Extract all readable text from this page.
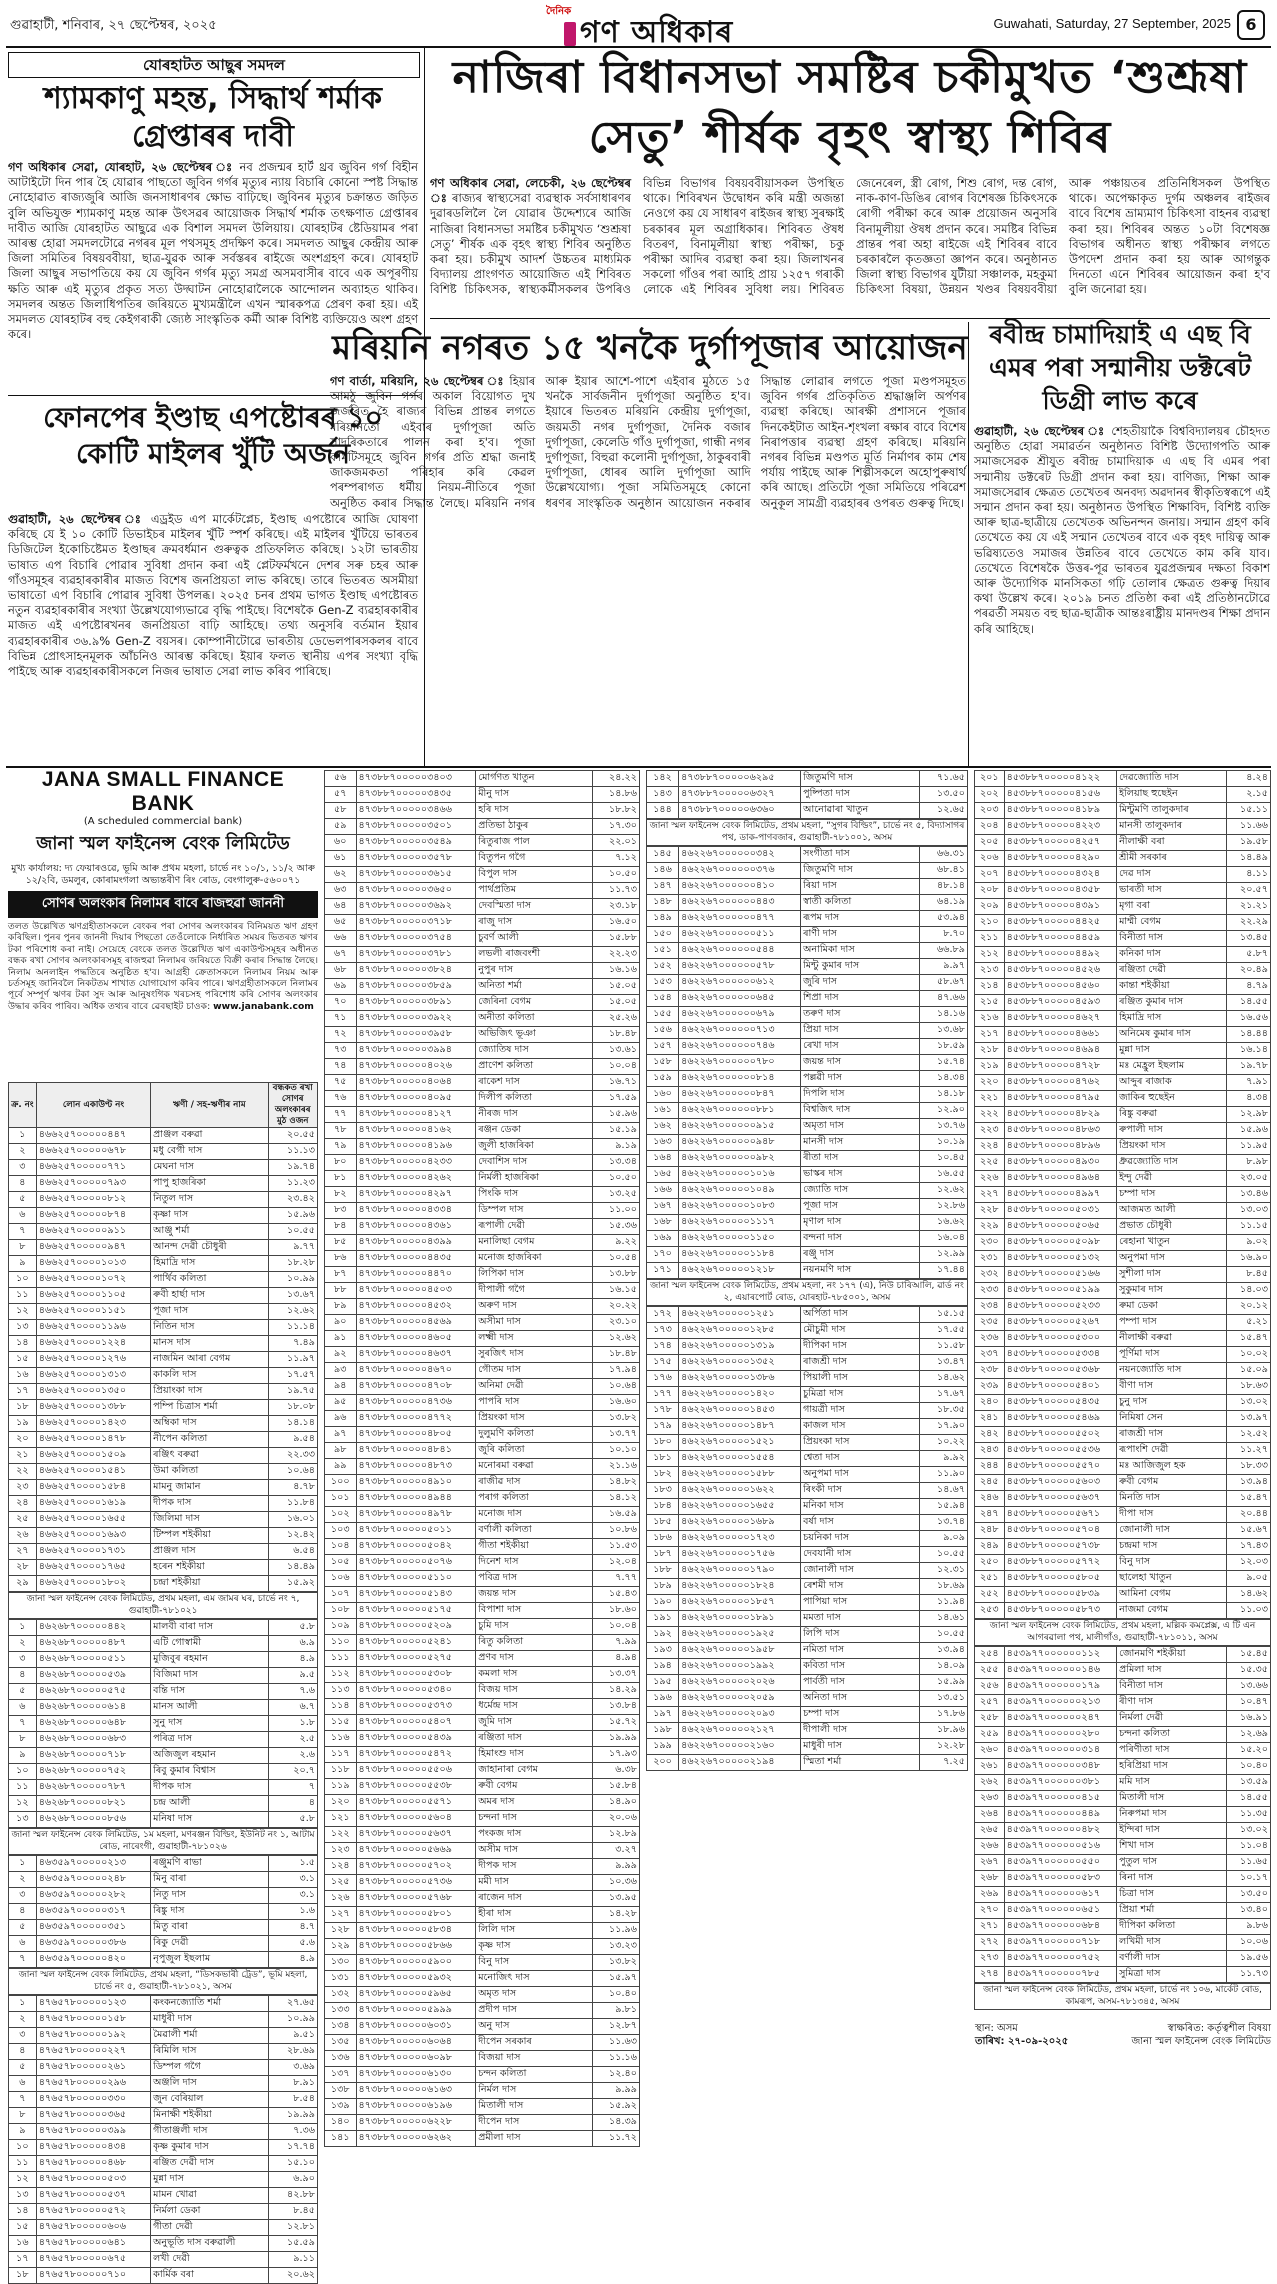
গুৱাহাটী, শনিবাৰ, ২৭ ছেপ্টেম্বৰ, ২০২৫
দৈনিক
গণ অধিকাৰ	Guwahati, Saturday, 27 September, 2025 6
যোৰহাটত আছুৰ সমদল
শ্যামকাণু মহন্ত, সিদ্ধাৰ্থ শৰ্মাক গ্ৰেপ্তাৰৰ দাবী
গণ অধিকাৰ সেৱা, যোৰহাট, ২৬ ছেপ্টেম্বৰ ঃ নব প্ৰজন্মৰ হাৰ্ট থ্ৰব জুবিন গৰ্গ বিহীন আটাইটো দিন পাৰ হৈ যোৱাৰ পাছতো জুবিন গৰ্গৰ মৃত্যুৰ ন্যায় বিচাৰি কোনো স্পষ্ট সিদ্ধান্ত নোহোৱাত ৰাজ্যজুৰি আজি জনসাধাৰণৰ ক্ষোভ বাঢ়িছে। জুবিনৰ মৃত্যুৰ চক্ৰান্তত জড়িত বুলি অভিযুক্ত শ্যামকাণু মহন্ত আৰু উৎসৱৰ আয়োজক সিদ্ধাৰ্থ শৰ্মাক তৎক্ষণাত গ্ৰেপ্তাৰৰ দাবীত আজি যোৰহাটত আছুৱে এক বিশাল সমদল উলিয়ায়। যোৰহাটৰ ষ্টেডিয়ামৰ পৰা আৰম্ভ হোৱা সমদলটোৱে নগৰৰ মূল পথসমূহ প্ৰদক্ষিণ কৰে। সমদলত আছুৰ কেন্দ্ৰীয় আৰু জিলা সমিতিৰ বিষয়ববীয়া, ছাত্ৰ-যুৱক আৰু সৰ্বস্তৰৰ ৰাইজে অংশগ্ৰহণ কৰে। যোৰহাট জিলা আছুৰ সভাপতিয়ে কয় যে জুবিন গৰ্গৰ মৃত্যু সমগ্ৰ অসমবাসীৰ বাবে এক অপূৰণীয় ক্ষতি আৰু এই মৃত্যুৰ প্ৰকৃত সত্য উদ্ঘাটন নোহোৱালৈকে আন্দোলন অব্যাহত থাকিব। সমদলৰ অন্তত জিলাধিপতিৰ জৰিয়তে মুখ্যমন্ত্ৰীলৈ এখন স্মাৰকপত্ৰ প্ৰেৰণ কৰা হয়। এই সমদলত যোৰহাটৰ বহু কেইগৰাকী জ্যেষ্ঠ সাংস্কৃতিক কৰ্মী আৰু বিশিষ্ট ব্যক্তিয়েও অংশ গ্ৰহণ কৰে।
ফোনপেৰ ইণ্ডাছ এপষ্টোৰৰ ১০ কোটি মাইলৰ খুঁটি অৰ্জন
গুৱাহাটী, ২৬ ছেপ্টেম্বৰ ঃ এড্ৰইড এপ মাৰ্কেটপ্লেচ, ইণ্ডাছ এপষ্টোৰে আজি ঘোষণা কৰিছে যে ই ১০ কোটি ডিভাইচৰ মাইলৰ খুঁটি স্পৰ্শ কৰিছে। এই মাইলৰ খুঁটিয়ে ভাৰতৰ ডিজিটেল ইকোচিষ্টেমত ইণ্ডাছৰ ক্ৰমবৰ্ধমান গুৰুত্বক প্ৰতিফলিত কৰিছে। ১২টা ভাৰতীয় ভাষাত এপ বিচাৰি পোৱাৰ সুবিধা প্ৰদান কৰা এই প্লেটফৰ্মখনে দেশৰ সৰু চহৰ আৰু গাঁওসমূহৰ ব্যৱহাৰকাৰীৰ মাজত বিশেষ জনপ্ৰিয়তা লাভ কৰিছে। তাৰে ভিতৰত অসমীয়া ভাষাতো এপ বিচাৰি পোৱাৰ সুবিধা উপলব্ধ। ২০২৫ চনৰ প্ৰথম ভাগত ইণ্ডাছ এপষ্টোৰত নতুন ব্যৱহাৰকাৰীৰ সংখ্যা উল্লেখযোগ্যভাৱে বৃদ্ধি পাইছে। বিশেষকৈ Gen-Z ব্যৱহাৰকাৰীৰ মাজত এই এপষ্টোৰখনৰ জনপ্ৰিয়তা বাঢ়ি আহিছে। তথ্য অনুসৰি বৰ্তমান ইয়াৰ ব্যৱহাৰকাৰীৰ ৩৬.৯% Gen-Z বয়সৰ। কোম্পানীটোৱে ভাৰতীয় ডেভেলপাৰসকলৰ বাবে বিভিন্ন প্ৰোৎসাহনমূলক আঁচনিও আৰম্ভ কৰিছে। ইয়াৰ ফলত স্থানীয় এপৰ সংখ্যা বৃদ্ধি পাইছে আৰু ব্যৱহাৰকাৰীসকলে নিজৰ ভাষাত সেৱা লাভ কৰিব পাৰিছে।
নাজিৰা বিধানসভা সমষ্টিৰ চকীমুখত ‘শুশ্ৰূষা সেতু’ শীৰ্ষক বৃহৎ স্বাস্থ্য শিবিৰ
গণ অধিকাৰ সেৱা, লেচেকী, ২৬ ছেপ্টেম্বৰ ঃ ৰাজ্যৰ স্বাস্থ্যসেৱা ব্যৱস্থাক সৰ্বসাধাৰণৰ দুৱাৰডলিলৈ লৈ যোৱাৰ উদ্দেশ্যৰে আজি নাজিৰা বিধানসভা সমষ্টিৰ চকীমুখত ‘শুশ্ৰূষা সেতু’ শীৰ্ষক এক বৃহৎ স্বাস্থ্য শিবিৰ অনুষ্ঠিত কৰা হয়। চকীমুখ আদৰ্শ উচ্চতৰ মাধ্যমিক বিদ্যালয় প্ৰাংগণত আয়োজিত এই শিবিৰত বিশিষ্ট চিকিৎসক, স্বাস্থ্যকৰ্মীসকলৰ উপৰিও বিভিন্ন বিভাগৰ বিষয়ববীয়াসকল উপস্থিত থাকে। শিবিৰখন উদ্বোধন কৰি মন্ত্ৰী অজন্তা নেওগে কয় যে সাধাৰণ ৰাইজৰ স্বাস্থ্য সুৰক্ষাই চৰকাৰৰ মূল অগ্ৰাধিকাৰ। শিবিৰত ঔষধ বিতৰণ, বিনামূলীয়া স্বাস্থ্য পৰীক্ষা, চকু পৰীক্ষা আদিৰ ব্যৱস্থা কৰা হয়। জিলাখনৰ সকলো গাঁওৰ পৰা আহি প্ৰায় ১২৫৭ গৰাকী লোকে এই শিবিৰৰ সুবিধা লয়। শিবিৰত জেনেৰেল, স্ত্ৰী ৰোগ, শিশু ৰোগ, দন্ত ৰোগ, নাক-কাণ-ডিঙিৰ ৰোগৰ বিশেষজ্ঞ চিকিৎসকে ৰোগী পৰীক্ষা কৰে আৰু প্ৰয়োজন অনুসৰি বিনামূলীয়া ঔষধ প্ৰদান কৰে। সমষ্টিৰ বিভিন্ন প্ৰান্তৰ পৰা অহা ৰাইজে এই শিবিৰৰ বাবে চৰকাৰলৈ কৃতজ্ঞতা জ্ঞাপন কৰে। অনুষ্ঠানত জিলা স্বাস্থ্য বিভাগৰ যুটীয়া সঞ্চালক, মহকুমা চিকিৎসা বিষয়া, উন্নয়ন খণ্ডৰ বিষয়ববীয়া আৰু পঞ্চায়তৰ প্ৰতিনিধিসকল উপস্থিত থাকে। অপেক্ষাকৃত দুৰ্গম অঞ্চলৰ ৰাইজৰ বাবে বিশেষ ভ্ৰাম্যমাণ চিকিৎসা বাহনৰ ব্যৱস্থা কৰা হয়। শিবিৰৰ অন্তত ১০টা বিশেষজ্ঞ বিভাগৰ অধীনত স্বাস্থ্য পৰীক্ষাৰ লগতে উপদেশ প্ৰদান কৰা হয় আৰু আগন্তুক দিনতো এনে শিবিৰৰ আয়োজন কৰা হ'ব বুলি জনোৱা হয়।
মৰিয়নি নগৰত ১৫ খনকৈ দুৰ্গাপূজাৰ আয়োজন
গণ বাৰ্তা, মৰিয়নি, ২৬ ছেপ্টেম্বৰ ঃ হিয়াৰ আমঠু জুবিন গৰ্গৰ অকাল বিয়োগত দুখ জৰ্জৰিত হৈ ৰাজ্যৰ বিভিন্ন প্ৰান্তৰ লগতে মৰিয়নিতো এইবাৰ দুৰ্গাপূজা অতি সাদৰিকতাৰে পালন কৰা হ'ব। পূজা কমিটিসমূহে জুবিন গৰ্গৰ প্ৰতি শ্ৰদ্ধা জনাই জাকজমকতা পৰিহাৰ কৰি কেৱল পৰম্পৰাগত ধৰ্মীয় নিয়ম-নীতিৰে পূজা অনুষ্ঠিত কৰাৰ সিদ্ধান্ত লৈছে। মৰিয়নি নগৰ আৰু ইয়াৰ আশে-পাশে এইবাৰ মুঠতে ১৫ খনকৈ সাৰ্বজনীন দুৰ্গাপূজা অনুষ্ঠিত হ'ব। ইয়াৰে ভিতৰত মৰিয়নি কেন্দ্ৰীয় দুৰ্গাপূজা, জয়মতী নগৰ দুৰ্গাপূজা, দৈনিক বজাৰ দুৰ্গাপূজা, কেলেডি গাঁও দুৰ্গাপূজা, গান্ধী নগৰ দুৰ্গাপূজা, বিহুৱা কলোনী দুৰ্গাপূজা, ঠাকুৰবাৰী দুৰ্গাপূজা, ধোৰৰ আলি দুৰ্গাপূজা আদি উল্লেখযোগ্য। পূজা সমিতিসমূহে কোনো ধৰণৰ সাংস্কৃতিক অনুষ্ঠান আয়োজন নকৰাৰ সিদ্ধান্ত লোৱাৰ লগতে পূজা মণ্ডপসমূহত জুবিন গৰ্গৰ প্ৰতিকৃতিত শ্ৰদ্ধাঞ্জলি অৰ্পণৰ ব্যৱস্থা কৰিছে। আৰক্ষী প্ৰশাসনে পূজাৰ দিনকেইটাত আইন-শৃংখলা ৰক্ষাৰ বাবে বিশেষ নিৰাপত্তাৰ ব্যৱস্থা গ্ৰহণ কৰিছে। মৰিয়নি নগৰৰ বিভিন্ন মণ্ডপত মূৰ্তি নিৰ্মাণৰ কাম শেষ পৰ্যায় পাইছে আৰু শিল্পীসকলে অহোপুৰুষাৰ্থ কৰি আছে। প্ৰতিটো পূজা সমিতিয়ে পৰিৱেশ অনুকূল সামগ্ৰী ব্যৱহাৰৰ ওপৰত গুৰুত্ব দিছে।
ৰবীন্দ্ৰ চামাদিয়াই এ এছ বি এমৰ পৰা সন্মানীয় ডক্টৰেট ডিগ্ৰী লাভ কৰে
গুৱাহাটী, ২৬ ছেপ্টেম্বৰ ঃ শেহতীয়াকৈ বিশ্ববিদ্যালয়ৰ চৌহদত অনুষ্ঠিত হোৱা সমাৱৰ্তন অনুষ্ঠানত বিশিষ্ট উদ্যোগপতি আৰু সমাজসেৱক শ্ৰীযুত ৰবীন্দ্ৰ চামাদিয়াক এ এছ বি এমৰ পৰা সন্মানীয় ডক্টৰেট ডিগ্ৰী প্ৰদান কৰা হয়। বাণিজ্য, শিক্ষা আৰু সমাজসেৱাৰ ক্ষেত্ৰত তেখেতৰ অনবদ্য অৱদানৰ স্বীকৃতিস্বৰূপে এই সন্মান প্ৰদান কৰা হয়। অনুষ্ঠানত উপস্থিত শিক্ষাবিদ, বিশিষ্ট ব্যক্তি আৰু ছাত্ৰ-ছাত্ৰীয়ে তেখেতক অভিনন্দন জনায়। সন্মান গ্ৰহণ কৰি তেখেতে কয় যে এই সন্মান তেখেতৰ বাবে এক বৃহৎ দায়িত্ব আৰু ভৱিষ্যতেও সমাজৰ উন্নতিৰ বাবে তেখেতে কাম কৰি যাব। তেখেতে বিশেষকৈ উত্তৰ-পূৱ ভাৰতৰ যুৱপ্ৰজন্মৰ দক্ষতা বিকাশ আৰু উদ্যোগিক মানসিকতা গঢ়ি তোলাৰ ক্ষেত্ৰত গুৰুত্ব দিয়াৰ কথা উল্লেখ কৰে। ২০১৯ চনত প্ৰতিষ্ঠা কৰা এই প্ৰতিষ্ঠানটোৱে পৰৱৰ্তী সময়ত বহু ছাত্ৰ-ছাত্ৰীক আন্তঃৰাষ্ট্ৰীয় মানদণ্ডৰ শিক্ষা প্ৰদান কৰি আহিছে।
JANA SMALL FINANCE BANK
(A scheduled commercial bank)
জানা স্মল ফাইনেন্স বেংক লিমিটেড
মুখ্য কাৰ্যালয়: দ্য ফেয়াৰওৱে, ভূমি আৰু প্ৰথম মহলা, চাৰ্ভে নং ১০/১, ১১/২ আৰু ১২/২বি, ডমলুৰ, কোৰামংগলা অভ্যন্তৰীণ ৰিং ৰোড, বেংগালুৰু-৫৬০০৭১
সোণৰ অলংকাৰ নিলামৰ বাবে ৰাজহুৱা জাননী
তলত উল্লেখিত ঋণগ্ৰহীতাসকলে বেংকৰ পৰা সোণৰ অলংকাৰৰ বিনিময়ত ঋণ গ্ৰহণ কৰিছিল। পুনৰ পুনৰ জাননী দিয়াৰ পিছতো তেওঁলোকে নিৰ্ধাৰিত সময়ৰ ভিতৰত ঋণৰ টকা পৰিশোধ কৰা নাই। সেয়েহে বেংকে তলত উল্লেখিত ঋণ একাউণ্টসমূহৰ অধীনত বন্ধক ৰখা সোণৰ অলংকাৰসমূহ ৰাজহুৱা নিলামৰ জৰিয়তে বিক্ৰী কৰাৰ সিদ্ধান্ত লৈছে। নিলাম অনলাইন পদ্ধতিৰে অনুষ্ঠিত হ'ব। আগ্ৰহী ক্ৰেতাসকলে নিলামৰ নিয়ম আৰু চৰ্তসমূহ জানিবলৈ নিকটতম শাখাত যোগাযোগ কৰিব পাৰে। ঋণগ্ৰহীতাসকলে নিলামৰ পূৰ্বে সম্পূৰ্ণ ঋণৰ টকা সুদ আৰু আনুষংগিক খৰচসহ পৰিশোধ কৰি সোণৰ অলংকাৰ উদ্ধাৰ কৰিব পাৰিব। অধিক তথ্যৰ বাবে ৱেবছাইট চাওক: www.janabank.com
ক্ৰ. নং	লোন একাউণ্ট নং	ঋণী / সহ-ঋণীৰ নাম	বন্ধকত ৰখা সোণৰ অলংকাৰৰ মুঠ ওজন
১	৪৬৬২৫৭০০০০০৪৪৭	প্ৰাঞ্জল বৰুৱা	২০.৫৫
২	৪৬৬২৫৭০০০০০৬৭৮	মধু বেগী দাস	১১.১৩
৩	৪৬৬২৫৭০০০০০৭৭১	মেঘনা দাস	১৯.৭৪
৪	৪৬৬২৫৭০০০০০৭৯৩	পাপু হাজৰিকা	১১.২৩
৫	৪৬৬২৫৭০০০০০৮১২	নিতুল দাস	২৩.৪২
৬	৪৬৬২৫৭০০০০০৮৭৪	কৃষ্ণা দাস	১৫.৯৬
৭	৪৬৬২৫৭০০০০০৯১১	আঞ্জু শৰ্মা	১০.৫৫
৮	৪৬৬২৫৭০০০০০৯৪৭	আনন্দ দেৱী চৌধুৰী	৯.৭৭
৯	৪৬৬২৫৭০০০০১০১৩	হিমাদ্ৰি দাস	১৮.২৮
১০	৪৬৬২৫৭০০০০১০৭২	পাৰ্থিব কলিতা	১০.৯৯
১১	৪৬৬২৫৭০০০০১১০৫	ৰুবী হাৰ্ছা দাস	১৩.৬৭
১২	৪৬৬২৫৭০০০০১১৫১	পূজা দাস	১২.৬২
১৩	৪৬৬২৫৭০০০০১১৯৬	নিতিন দাস	১১.১৪
১৪	৪৬৬২৫৭০০০০১২২৪	মানস দাস	৭.৪৯
১৫	৪৬৬২৫৭০০০০১২৭৬	নাজমিন আৰা বেগম	১১.৯৭
১৬	৪৬৬২৫৭০০০০১৩১৩	কাকলি দাস	১৭.৫৭
১৭	৪৬৬২৫৭০০০০১৩৫০	প্ৰিয়াংকা দাস	১৯.৭৫
১৮	৪৬৬২৫৭০০০০১৩৮৮	পম্পি চিত্ৰাস শৰ্মা	১৮.০৮
১৯	৪৬৬২৫৭০০০০১৪২৩	অম্বিকা দাস	১৪.১৪
২০	৪৬৬২৫৭০০০০১৪৭৮	নীপেন কলিতা	৯.৫৪
২১	৪৬৬২৫৭০০০০১৫০৯	ৰঞ্জিৎ বৰুৱা	২২.৩৩
২২	৪৬৬২৫৭০০০০১৫৪১	উমা কলিতা	১০.৬৪
২৩	৪৬৬২৫৭০০০০১৫৮৪	মামনু জামান	৪.৭৮
২৪	৪৬৬২৫৭০০০০১৬১৯	দীপক দাস	১১.৮৪
২৫	৪৬৬২৫৭০০০০১৬৫৫	জিলিমা দাস	১৬.০১
২৬	৪৬৬২৫৭০০০০১৬৯৩	টিম্পল শইকীয়া	১২.৪২
২৭	৪৬৬২৫৭০০০০১৭৩১	প্ৰাঞ্জল দাস	৬.৫৪
২৮	৪৬৬২৫৭০০০০১৭৬৫	হৰেন শইকীয়া	১৪.৪৯
২৯	৪৬৬২৫৭০০০০১৮০২	চন্দ্ৰা শইকীয়া	১৫.৯২
জানা স্মল ফাইনেন্স বেংক লিমিটেড, প্ৰথম মহলা, এম জামৰ ঘৰ, চাৰ্ভে নং ৭, গুৱাহাটী-৭৮১০২১
১	৪৬২৬৮৭০০০০০৪৪২	মালবী বাৰা দাস	৫.৮
২	৪৬২৬৮৭০০০০০৪৮৭	এটি গোস্বামী	৬.৯
৩	৪৬২৬৮৭০০০০০৫১১	মুজিবুৰ ৰহমান	৪.৯
৪	৪৬২৬৮৭০০০০০৫৩৯	বিজিমা দাস	৯.৫
৫	৪৬২৬৮৭০০০০০৫৭৫	বন্তি দাস	৭.৬
৬	৪৬২৬৮৭০০০০০৬১৪	মানস আলী	৬.৭
৭	৪৬২৬৮৭০০০০০৬৪৮	সুনু দাস	১.৮
৮	৪৬২৬৮৭০০০০০৬৮৩	পৰিত্ৰ দাস	২.৫
৯	৪৬২৬৮৭০০০০০৭১৮	অজিজুল ৰহমান	২.৬
১০	৪৬২৬৮৭০০০০০৭৫২	ৰিবু কুমাৰ বিশ্বাস	২০.৭
১১	৪৬২৬৮৭০০০০০৭৮৭	দীপক দাস	৭
১২	৪৬২৬৮৭০০০০০৮২১	চন্দ্ৰ আলী	৪
১৩	৪৬২৬৮৭০০০০০৮৫৬	মনিষা দাস	৫.৮
জানা স্মল ফাইনেন্স বেংক লিমিটেড, ১ম মহলা, মণৰঞ্জন বিল্ডিং, ইউনিট নং ১, আটাম ৰোড, নাৰেংগী, গুৱাহাটী-৭৮১০২৬
১	৪৬৩৫৯৭০০০০০২১৩	ৰঞ্জুমণি ৰাভা	১.৫
২	৪৬৩৫৯৭০০০০০২৪৮	মিনু বাৰা	৩.১
৩	৪৬৩৫৯৭০০০০০২৮২	নিতু দাস	৩.১
৪	৪৬৩৫৯৭০০০০০৩১৭	ৰিঙ্কু দাস	১.৬
৫	৪৬৩৫৯৭০০০০০৩৫১	মিতু বাৰা	৪.৭
৬	৪৬৩৫৯৭০০০০০৩৮৬	ৰিকু দেৱী	৫.৬
৭	৪৬৩৫৯৭০০০০০৪২০	নৃপুজুল ইছলাম	৪.৯
জানা স্মল ফাইনেন্স বেংক লিমিটেড, প্ৰথম মহলা, “ডিসকভাৰী ট্ৰেড”, ভূমি মহলা, চাৰ্ভে নং ৫, গুৱাহাটী-৭৮১০২১, অসম
১	৪৭৬৫৭৮০০০০০১২৩	কংকনজ্যোতি শৰ্মা	২৭.৬৫
২	৪৭৬৫৭৮০০০০০১৫৮	মাধুৰী দাস	১০.৯৯
৩	৪৭৬৫৭৮০০০০০১৯২	মৈৱালী শৰ্মা	৯.৫১
৪	৪৭৬৫৭৮০০০০০২২৭	ৰিমিলি দাস	২৮.৬৯
৫	৪৭৬৫৭৮০০০০০২৬১	ডিম্পল গগৈ	৩.৬৯
৬	৪৭৬৫৭৮০০০০০২৯৬	অঞ্জলি দাস	৮.৯১
৭	৪৭৬৫৭৮০০০০০৩৩০	জুন বেৰিয়াল	৮.৫৪
৮	৪৭৬৫৭৮০০০০০৩৬৫	মিনাক্ষী শইকীয়া	১৯.৯৯
৯	৪৭৬৫৭৮০০০০০৩৯৯	গীতাঞ্জলী দাস	৭.৩৬
১০	৪৭৬৫৭৮০০০০০৪৩৪	কৃষ্ণ কুমাৰ দাস	১৭.৭৪
১১	৪৭৬৫৭৮০০০০০৪৬৮	ৰঞ্জিত দেৱী দাস	১৫.১০
১২	৪৭৬৫৭৮০০০০০৫০৩	মুন্না দাস	৬.৯০
১৩	৪৭৬৫৭৮০০০০০৫৩৭	মামন খোৱা	৪২.৮৮
১৪	৪৭৬৫৭৮০০০০০৫৭২	নিৰ্মলা ডেকা	৮.৪৫
১৫	৪৭৬৫৭৮০০০০০৬০৬	গীতা দেৱী	১২.৮১
১৬	৪৭৬৫৭৮০০০০০৬৪১	অনুভূতি দাস বৰুৱালী	১৫.৫৯
১৭	৪৭৬৫৭৮০০০০০৬৭৫	লখী দেৱী	৯.১১
১৮	৪৭৬৫৭৮০০০০০৭১০	কাৰ্মিক বৰা	২০.৬২
৫৬	৪৭৩৮৮৭০০০০০৩৪০৩	মোৰ্গণত খাতুন	২৪.২২
৫৭	৪৭৩৮৮৭০০০০০৩৪৩৫	মীনু দাস	১৪.৮৬
৫৮	৪৭৩৮৮৭০০০০০৩৪৬৬	হৰি দাস	১৮.৮২
৫৯	৪৭৩৮৮৭০০০০০৩৫০১	প্ৰতিভা ঠাকুৰ	১৭.৩০
৬০	৪৭৩৮৮৭০০০০০৩৫৪৯	ৰিতুৰাজ পাল	২২.০১
৬১	৪৭৩৮৮৭০০০০০৩৫৭৮	বিতুপন গগৈ	৭.১২
৬২	৪৭৩৮৮৭০০০০০৩৬১৫	বিপুল দাস	১০.৫০
৬৩	৪৭৩৮৮৭০০০০০৩৬৫০	পাৰ্থপ্ৰতিম	১১.৭৩
৬৪	৪৭৩৮৮৭০০০০০৩৬৯২	দেবস্মিতা দাস	২৩.১৮
৬৫	৪৭৩৮৮৭০০০০০৩৭১৮	ৰাজু দাস	১৬.৫০
৬৬	৪৭৩৮৮৭০০০০০৩৭৫৪	চুবৰ্ণ আলী	১৫.৮৮
৬৭	৪৭৩৮৮৭০০০০০৩৭৮১	লভলী ৰাজবংশী	২২.২৩
৬৮	৪৭৩৮৮৭০০০০০৩৮২৪	নুপুৰ দাস	১৬.১৬
৬৯	৪৭৩৮৮৭০০০০০৩৮৫৯	অনিতা শৰ্মা	১৫.০৫
৭০	৪৭৩৮৮৭০০০০০৩৮৯১	জেৰিনা বেগম	১৫.০৫
৭১	৪৭৩৮৮৭০০০০০৩৯২২	অনীতা কলিতা	২৫.২৬
৭২	৪৭৩৮৮৭০০০০০৩৯৫৮	অভিজিৎ ভূঞা	১৮.৪৮
৭৩	৪৭৩৮৮৭০০০০০৩৯৯৪	জ্যোতিষ দাস	১৩.৬১
৭৪	৪৭৩৮৮৭০০০০০৪০২৬	প্ৰাণেশ কলিতা	১০.০৪
৭৫	৪৭৩৮৮৭০০০০০৪০৬৪	ৰাকেশ দাস	১৬.৭১
৭৬	৪৭৩৮৮৭০০০০০৪০৯৫	দিলীপ কলিতা	১৭.৫৯
৭৭	৪৭৩৮৮৭০০০০০৪১২৭	নীৰজ দাস	১৫.৯৬
৭৮	৪৭৩৮৮৭০০০০০৪১৬২	ৰঞ্জন ডেকা	১৫.১৯
৭৯	৪৭৩৮৮৭০০০০০৪১৯৬	জুলী হাজৰিকা	৯.১৯
৮০	৪৭৩৮৮৭০০০০০৪২৩৩	দেবাশিস দাস	১৩.৩৪
৮১	৪৭৩৮৮৭০০০০০৪২৬২	নিৰ্মলী হাজৰিকা	১০.৫০
৮২	৪৭৩৮৮৭০০০০০৪২৯৭	পিংকি দাস	১৩.২৫
৮৩	৪৭৩৮৮৭০০০০০৪৩৩৪	ডিম্পল দাস	১১.০০
৮৪	৪৭৩৮৮৭০০০০০৪৩৬১	ৰূপালী দেৱী	১৫.৩৬
৮৫	৪৭৩৮৮৭০০০০০৪৩৯৯	মনালিছা বেগম	৯.২২
৮৬	৪৭৩৮৮৭০০০০০৪৪৩৫	মনোজ হাজৰিকা	১০.৫৪
৮৭	৪৭৩৮৮৭০০০০০৪৪৭০	লিপিকা দাস	১৩.৮৮
৮৮	৪৭৩৮৮৭০০০০০৪৫০৩	দীপালী গগৈ	১৬.১৫
৮৯	৪৭৩৮৮৭০০০০০৪৫৩২	অৰুণ দাস	২০.২২
৯০	৪৭৩৮৮৭০০০০০৪৫৬৯	অসীমা দাস	২৩.১০
৯১	৪৭৩৮৮৭০০০০০৪৬০৫	লক্ষ্মী দাস	১২.৬২
৯২	৪৭৩৮৮৭০০০০০৪৬৩৭	সুৰজিৎ দাস	১৮.৪৮
৯৩	৪৭৩৮৮৭০০০০০৪৬৭০	গৌতম দাস	১৭.৯৪
৯৪	৪৭৩৮৮৭০০০০০৪৭০৮	অনিমা দেৱী	১০.৬৪
৯৫	৪৭৩৮৮৭০০০০০৪৭৩৬	পাপৰি দাস	১৬.৬০
৯৬	৪৭৩৮৮৭০০০০০৪৭৭২	প্ৰিয়ংকা দাস	১৩.৮২
৯৭	৪৭৩৮৮৭০০০০০৪৮০৫	দুলুমণি কলিতা	১৩.৭৭
৯৮	৪৭৩৮৮৭০০০০০৪৮৪১	জুৰি কলিতা	১০.১০
৯৯	৪৭৩৮৮৭০০০০০৪৮৭৩	মনোৰমা বৰুৱা	২১.১৬
১০০	৪৭৩৮৮৭০০০০০৪৯১০	ৰাজীৱ দাস	১৪.৮২
১০১	৪৭৩৮৮৭০০০০০৪৯৪৪	পৰাগ কলিতা	১৪.১২
১০২	৪৭৩৮৮৭০০০০০৪৯৭৮	মনোজ দাস	১৬.৫৯
১০৩	৪৭৩৮৮৭০০০০০৫০১১	বৰ্ণালী কলিতা	১০.৮৬
১০৪	৪৭৩৮৮৭০০০০০৫০৪২	গীতা শইকীয়া	১১.৫৩
১০৫	৪৭৩৮৮৭০০০০০৫০৭৬	দিনেশ দাস	১২.০৪
১০৬	৪৭৩৮৮৭০০০০০৫১১০	পবিত্ৰ দাস	৭.৭৭
১০৭	৪৭৩৮৮৭০০০০০৫১৪৩	জয়ন্ত দাস	১৫.৪৩
১০৮	৪৭৩৮৮৭০০০০০৫১৭৫	বিপাশা দাস	১৮.৬০
১০৯	৪৭৩৮৮৭০০০০০৫২০৯	চুমি দাস	১০.০৪
১১০	৪৭৩৮৮৭০০০০০৫২৪১	ৰিতু কলিতা	৭.৯৯
১১১	৪৭৩৮৮৭০০০০০৫২৭৫	প্ৰণব দাস	৪.৯৪
১১২	৪৭৩৮৮৭০০০০০৫৩০৮	কমলা দাস	১৩.৩৭
১১৩	৪৭৩৮৮৭০০০০০৫৩৪০	বিজয় দাস	১৪.২৯
১১৪	৪৭৩৮৮৭০০০০০৫৩৭৩	ধৰ্মেন্দ্ৰ দাস	১৩.৮৪
১১৫	৪৭৩৮৮৭০০০০০৫৪০৭	জুমি দাস	১৫.৭২
১১৬	৪৭৩৮৮৭০০০০০৫৪৩৯	ৰঞ্জিতা দাস	১৯.৯৯
১১৭	৪৭৩৮৮৭০০০০০৫৪৭২	হিমাংশু দাস	১৭.৯৩
১১৮	৪৭৩৮৮৭০০০০০৫৫০৬	জাহানাৰা বেগম	৬.৩৮
১১৯	৪৭৩৮৮৭০০০০০৫৫৩৮	ৰুবী বেগম	১৫.৮৪
১২০	৪৭৩৮৮৭০০০০০৫৫৭১	অমৰ দাস	১৪.৯০
১২১	৪৭৩৮৮৭০০০০০৫৬০৪	চন্দনা দাস	২০.০৬
১২২	৪৭৩৮৮৭০০০০০৫৬৩৭	পংকজ দাস	১২.৮৯
১২৩	৪৭৩৮৮৭০০০০০৫৬৬৯	অসীম দাস	৩.২৭
১২৪	৪৭৩৮৮৭০০০০০৫৭০২	দীপক দাস	৯.৯৯
১২৫	৪৭৩৮৮৭০০০০০৫৭৩৬	মমী দাস	১০.৩৬
১২৬	৪৭৩৮৮৭০০০০০৫৭৬৮	ৰাজেন দাস	১৩.৯৫
১২৭	৪৭৩৮৮৭০০০০০৫৮০১	হীৰা দাস	১৪.২৮
১২৮	৪৭৩৮৮৭০০০০০৫৮৩৪	লিলি দাস	১১.৯৬
১২৯	৪৭৩৮৮৭০০০০০৫৮৬৬	কৃষ্ণ দাস	১৩.২৩
১৩০	৪৭৩৮৮৭০০০০০৫৯০০	বিনু দাস	১৩.৮২
১৩১	৪৭৩৮৮৭০০০০০৫৯৩২	মনোজিৎ দাস	১৫.৯৭
১৩২	৪৭৩৮৮৭০০০০০৫৯৬৫	অমৃত দাস	১০.৪০
১৩৩	৪৭৩৮৮৭০০০০০৫৯৯৯	প্ৰদীপ দাস	৯.৮১
১৩৪	৪৭৩৮৮৭০০০০০৬০৩১	অনু দাস	১২.৮৭
১৩৫	৪৭৩৮৮৭০০০০০৬০৬৪	দীপেন সৰকাৰ	১১.৬৩
১৩৬	৪৭৩৮৮৭০০০০০৬০৯৮	বিজয়া দাস	১১.১৬
১৩৭	৪৭৩৮৮৭০০০০০৬১৩০	চন্দন কলিতা	১২.৪০
১৩৮	৪৭৩৮৮৭০০০০০৬১৬৩	নিৰ্মল দাস	৯.৯৯
১৩৯	৪৭৩৮৮৭০০০০০৬১৯৬	মিতালী দাস	১৫.৯২
১৪০	৪৭৩৮৮৭০০০০০৬২২৮	দীপেন দাস	১৪.৩৯
১৪১	৪৭৩৮৮৭০০০০০৬২৬২	প্ৰমীলা দাস	১১.৭২
১৪২	৪৭৩৮৮৭০০০০০৬২৯৫	জিতুমণি দাস	৭১.৬৫
১৪৩	৪৭৩৮৮৭০০০০০৬৩২৭	পুষ্পিতা দাস	১৩.৫০
১৪৪	৪৭৩৮৮৭০০০০০৬৩৬০	আনোৱাৰা খাতুন	১২.৬৫
জানা স্মল ফাইনেন্স বেংক লিমিটেড, প্ৰথম মহলা, “সুগৰ বিল্ডিং”, চাৰ্ভে নং ৫, বিদ্যাসাগৰ পথ, ডাক-পাণবজাৰ, গুৱাহাটী-৭৮১০০১, অসম
১৪৫	৪৬২২৬৭০০০০০০৩৪২	সংগীতা দাস	৬৬.৩১
১৪৬	৪৬২২৬৭০০০০০০৩৭৬	জিতুমণি দাস	৬৮.৪১
১৪৭	৪৬২২৬৭০০০০০০৪১০	ৰিয়া দাস	৪৮.১৪
১৪৮	৪৬২২৬৭০০০০০০৪৪৩	স্বাতী কলিতা	৬৪.১৯
১৪৯	৪৬২২৬৭০০০০০০৪৭৭	ৰূপম দাস	৫৩.৯৪
১৫০	৪৬২২৬৭০০০০০০৫১১	ৰাণী দাস	৮.৭০
১৫১	৪৬২২৬৭০০০০০০৫৪৪	অনামিকা দাস	৬৬.৮৯
১৫২	৪৬২২৬৭০০০০০০৫৭৮	মিন্টু কুমাৰ দাস	৯.৯৭
১৫৩	৪৬২২৬৭০০০০০০৬১২	জুৰি দাস	৫৮.৬৭
১৫৪	৪৬২২৬৭০০০০০০৬৪৫	শিপ্ৰা দাস	৪৭.৬৬
১৫৫	৪৬২২৬৭০০০০০০৬৭৯	তৰুণ দাস	১৪.১৬
১৫৬	৪৬২২৬৭০০০০০০৭১৩	প্ৰিয়া দাস	১৩.৬৮
১৫৭	৪৬২২৬৭০০০০০০৭৪৬	ৰেখা দাস	১৮.৫৯
১৫৮	৪৬২২৬৭০০০০০০৭৮০	জয়ন্ত দাস	১৫.৭৪
১৫৯	৪৬২২৬৭০০০০০০৮১৪	পল্লৱী দাস	১৪.৩৪
১৬০	৪৬২২৬৭০০০০০০৮৪৭	দিপলি দাস	১৪.১৮
১৬১	৪৬২২৬৭০০০০০০৮৮১	বিশ্বজিৎ দাস	১২.৯০
১৬২	৪৬২২৬৭০০০০০০৯১৫	অমৃতা দাস	১৩.৭৬
১৬৩	৪৬২২৬৭০০০০০০৯৪৮	মানসী দাস	১০.১৯
১৬৪	৪৬২২৬৭০০০০০০৯৮২	ৰীতা দাস	১০.৪৫
১৬৫	৪৬২২৬৭০০০০০১০১৬	ভাস্কৰ দাস	১৬.৫৫
১৬৬	৪৬২২৬৭০০০০০১০৪৯	জ্যোতি দাস	১২.৬২
১৬৭	৪৬২২৬৭০০০০০১০৮৩	পূজা দাস	১২.৮৬
১৬৮	৪৬২২৬৭০০০০০১১১৭	মৃণাল দাস	১৬.৬২
১৬৯	৪৬২২৬৭০০০০০১১৫০	বন্দনা দাস	১৬.০৪
১৭০	৪৬২২৬৭০০০০০১১৮৪	ৰঞ্জু দাস	১২.৯৯
১৭১	৪৬২২৬৭০০০০০১২১৮	নয়নমণি দাস	১৭.৪৪
জানা স্মল ফাইনেন্স বেংক লিমিটেড, প্ৰথম মহলা, নং ১৭৭ (এ), নিউ চাৰিআলি, ৱাৰ্ড নং ২, এয়াৰপোৰ্ট ৰোড, যোৰহাট-৭৮৫০০১, অসম
১৭২	৪৬২২৬৭০০০০০১২৫১	অৰ্পিতা দাস	১৫.১৫
১৭৩	৪৬২২৬৭০০০০০১২৮৫	মৌচুমী দাস	১৭.৫৫
১৭৪	৪৬২২৬৭০০০০০১৩১৯	দীপিকা দাস	১১.৫৮
১৭৫	৪৬২২৬৭০০০০০১৩৫২	ৰাজশ্ৰী দাস	১৩.৪৭
১৭৬	৪৬২২৬৭০০০০০১৩৮৬	পিয়ালী দাস	১৪.৬২
১৭৭	৪৬২২৬৭০০০০০১৪২০	চুমিত্ৰা দাস	১৭.৬৭
১৭৮	৪৬২২৬৭০০০০০১৪৫৩	গায়ত্ৰী দাস	১৮.৩৫
১৭৯	৪৬২২৬৭০০০০০১৪৮৭	কাজল দাস	১৭.৯০
১৮০	৪৬২২৬৭০০০০০১৫২১	প্ৰিয়ংকা দাস	১০.২২
১৮১	৪৬২২৬৭০০০০০১৫৫৪	শ্বেতা দাস	৯.৯২
১৮২	৪৬২২৬৭০০০০০১৫৮৮	অনুপমা দাস	১১.৯০
১৮৩	৪৬২২৬৭০০০০০১৬২২	ৰিংকী দাস	১৪.৬৭
১৮৪	৪৬২২৬৭০০০০০১৬৫৫	মনিকা দাস	১৫.৯৪
১৮৫	৪৬২২৬৭০০০০০১৬৮৯	বৰ্ষা দাস	১৩.৭৪
১৮৬	৪৬২২৬৭০০০০০১৭২৩	চয়নিকা দাস	৯.০৯
১৮৭	৪৬২২৬৭০০০০০১৭৫৬	দেবযানী দাস	১০.৫৫
১৮৮	৪৬২২৬৭০০০০০১৭৯০	জোনালী দাস	১২.৩১
১৮৯	৪৬২২৬৭০০০০০১৮২৪	ৰেশমী দাস	১৮.৬৯
১৯০	৪৬২২৬৭০০০০০১৮৫৭	পাপিয়া দাস	১১.৯৪
১৯১	৪৬২২৬৭০০০০০১৮৯১	মমতা দাস	১৪.৬১
১৯২	৪৬২২৬৭০০০০০১৯২৫	লিপি দাস	১০.৫৫
১৯৩	৪৬২২৬৭০০০০০১৯৫৮	নমিতা দাস	১৩.৯৪
১৯৪	৪৬২২৬৭০০০০০১৯৯২	কবিতা দাস	১৪.০৯
১৯৫	৪৬২২৬৭০০০০০২০২৬	পাৰ্বতী দাস	১৫.৯৯
১৯৬	৪৬২২৬৭০০০০০২০৫৯	অনিতা দাস	১৩.৫১
১৯৭	৪৬২২৬৭০০০০০২০৯৩	চম্পা দাস	১৭.৮৬
১৯৮	৪৬২২৬৭০০০০০২১২৭	দীপালী দাস	১৮.৯৬
১৯৯	৪৬২২৬৭০০০০০২১৬০	মাধুৰী দাস	১২.২৮
২০০	৪৬২২৬৭০০০০০২১৯৪	স্মিতা শৰ্মা	৭.২৫
২০১	৪৫৩৮৮৭০০০০০৪১২২	দেৱজ্যোতি দাস	৪.২৪
২০২	৪৫৩৮৮৭০০০০০৪১৫৬	ইলিয়াছ হুছেইন	২.১৫
২০৩	৪৫৩৮৮৭০০০০০৪১৮৯	মিন্টুমণি তালুকদাৰ	১৫.১১
২০৪	৪৫৩৮৮৭০০০০০৪২২৩	মানসী তালুকদাৰ	১১.৬৬
২০৫	৪৫৩৮৮৭০০০০০৪২৫৭	নীলাক্ষী বৰা	১৯.৫৮
২০৬	৪৫৩৮৮৭০০০০০৪২৯০	শ্ৰীমী সৰকাৰ	১৪.৪৯
২০৭	৪৫৩৮৮৭০০০০০৪৩২৪	দেৱ দাস	৪.১১
২০৮	৪৫৩৮৮৭০০০০০৪৩৫৮	ভাৰতী দাস	২০.৫৭
২০৯	৪৫৩৮৮৭০০০০০৪৩৯১	মৃগা বৰা	২১.২১
২১০	৪৫৩৮৮৭০০০০০৪৪২৫	মাম্মী বেগম	২২.২৯
২১১	৪৫৩৮৮৭০০০০০৪৪৫৯	বিনীতা দাস	১৩.৪৫
২১২	৪৫৩৮৮৭০০০০০৪৪৯২	কনিকা দাস	৫.৮৭
২১৩	৪৫৩৮৮৭০০০০০৪৫২৬	ৰঞ্জিতা দেৱী	২০.৪৯
২১৪	৪৫৩৮৮৭০০০০০৪৫৬০	কান্তা শইকীয়া	৪.৭৯
২১৫	৪৫৩৮৮৭০০০০০৪৫৯৩	ৰঞ্জিত কুমাৰ দাস	১৪.৫৫
২১৬	৪৫৩৮৮৭০০০০০৪৬২৭	হিমাদ্ৰি দাস	১৬.৫৬
২১৭	৪৫৩৮৮৭০০০০০৪৬৬১	অনিমেষ কুমাৰ দাস	১৪.৪৪
২১৮	৪৫৩৮৮৭০০০০০৪৬৯৪	মুন্না দাস	১৬.১৪
২১৯	৪৫৩৮৮৭০০০০০৪৭২৮	মঃ মেহ্ৰুল ইছলাম	১৯.৭৮
২২০	৪৫৩৮৮৭০০০০০৪৭৬২	আব্দুৰ ৰাজাক	৭.৯১
২২১	৪৫৩৮৮৭০০০০০৪৭৯৫	জাকিৰ হুছেইন	৪.৩৪
২২২	৪৫৩৮৮৭০০০০০৪৮২৯	ৰিঙ্কু বৰুৱা	১২.৯৮
২২৩	৪৫৩৮৮৭০০০০০৪৮৬৩	ৰুপালী দাস	১৫.৯৬
২২৪	৪৫৩৮৮৭০০০০০৪৮৯৬	প্ৰিয়ংকা দাস	১১.৯৫
২২৫	৪৫৩৮৮৭০০০০০৪৯৩০	ধ্ৰুৱজ্যোতি দাস	৮.৯৮
২২৬	৪৫৩৮৮৭০০০০০৪৯৬৪	ইন্দু দেৱী	২৩.০৫
২২৭	৪৫৩৮৮৭০০০০০৪৯৯৭	চম্পা দাস	১৩.৪৬
২২৮	৪৫৩৮৮৭০০০০০৫০৩১	আজমত আলী	১৩.০৩
২২৯	৪৫৩৮৮৭০০০০০৫০৬৫	প্ৰভাত চৌধুৰী	১১.১৫
২৩০	৪৫৩৮৮৭০০০০০৫০৯৮	ৰেহানা খাতুন	৯.০২
২৩১	৪৫৩৮৮৭০০০০০৫১৩২	অনুপমা দাস	১৬.৯০
২৩২	৪৫৩৮৮৭০০০০০৫১৬৬	সুশীলা দাস	৮.৪৫
২৩৩	৪৫৩৮৮৭০০০০০৫১৯৯	সুকুমাৰ দাস	১৪.০৩
২৩৪	৪৫৩৮৮৭০০০০০৫২৩৩	ৰুমা ডেকা	২০.১২
২৩৫	৪৫৩৮৮৭০০০০০৫২৬৭	পম্পা দাস	৫.২১
২৩৬	৪৫৩৮৮৭০০০০০৫৩০০	নীলাক্ষী বৰুৱা	১৫.৪৭
২৩৭	৪৫৩৮৮৭০০০০০৫৩৩৪	পূৰ্ণিমা দাস	১০.০২
২৩৮	৪৫৩৮৮৭০০০০০৫৩৬৮	নয়নজ্যোতি দাস	১৫.০৯
২৩৯	৪৫৩৮৮৭০০০০০৫৪০১	বীণা দাস	১৮.৬৩
২৪০	৪৫৩৮৮৭০০০০০৫৪৩৫	চুনু দাস	১৩.০২
২৪১	৪৫৩৮৮৭০০০০০৫৪৬৯	নিমিষা সেন	১৩.৯৭
২৪২	৪৫৩৮৮৭০০০০০৫৫০২	ৰাজশ্ৰী দাস	১২.৫২
২৪৩	৪৫৩৮৮৭০০০০০৫৫৩৬	ৰূপাংশি দেৱী	১১.২৭
২৪৪	৪৫৩৮৮৭০০০০০৫৫৭০	মঃ আজিজুল হক	১৮.৩৩
২৪৫	৪৫৩৮৮৭০০০০০৫৬০৩	ৰুবী বেগম	১৩.৯৪
২৪৬	৪৫৩৮৮৭০০০০০৫৬৩৭	মিনতি দাস	১৫.৪৭
২৪৭	৪৫৩৮৮৭০০০০০৫৬৭১	দীপা দাস	২০.৪৪
২৪৮	৪৫৩৮৮৭০০০০০৫৭০৪	জোনালী দাস	১৫.৬৭
২৪৯	৪৫৩৮৮৭০০০০০৫৭৩৮	চন্দ্ৰমা দাস	১৭.৪৩
২৫০	৪৫৩৮৮৭০০০০০৫৭৭২	বিনু দাস	১২.০৩
২৫১	৪৫৩৮৮৭০০০০০৫৮০৫	ছালেহা খাতুন	৯.০৫
২৫২	৪৫৩৮৮৭০০০০০৫৮৩৯	আমিনা বেগম	১৪.৬২
২৫৩	৪৫৩৮৮৭০০০০০৫৮৭৩	নাজমা বেগম	১১.০৩
জানা স্মল ফাইনেন্স বেংক লিমিটেড, প্ৰথম মহলা, মল্লিক কমপ্লেক্স, এ টি এন আগৰৱালা পথ, মালীগাঁও, গুৱাহাটী-৭৮১০১১, অসম
২৫৪	৪৫৩৯৭৭০০০০০০১১২	জোনমণি শইকীয়া	১৫.৪৫
২৫৫	৪৫৩৯৭৭০০০০০০১৪৬	প্ৰমিলা দাস	১৫.৩৫
২৫৬	৪৫৩৯৭৭০০০০০০১৭৯	বিনীতা দাস	১৩.৬৬
২৫৭	৪৫৩৯৭৭০০০০০০২১৩	ৰীণা দাস	১০.৪৭
২৫৮	৪৫৩৯৭৭০০০০০০২৪৭	নিৰ্মলা দেৱী	১৬.৯১
২৫৯	৪৫৩৯৭৭০০০০০০২৮০	চন্দনা কলিতা	১২.৬৯
২৬০	৪৫৩৯৭৭০০০০০০৩১৪	পৰিণীতা দাস	১৫.২০
২৬১	৪৫৩৯৭৭০০০০০০৩৪৮	হৰিপ্ৰিয়া দাস	১০.৪০
২৬২	৪৫৩৯৭৭০০০০০০৩৮১	মমি দাস	১৩.৫৯
২৬৩	৪৫৩৯৭৭০০০০০০৪১৫	মিতালী দাস	১৪.৫৫
২৬৪	৪৫৩৯৭৭০০০০০০৪৪৯	নিৰুপমা দাস	১১.৩৫
২৬৫	৪৫৩৯৭৭০০০০০০৪৮২	ইন্দিৰা দাস	১৩.০২
২৬৬	৪৫৩৯৭৭০০০০০০৫১৬	শিখা দাস	১১.০৪
২৬৭	৪৫৩৯৭৭০০০০০০৫৫০	পুতুল দাস	১১.৬৫
২৬৮	৪৫৩৯৭৭০০০০০০৫৮৩	ৰিনা দাস	১০.১৭
২৬৯	৪৫৩৯৭৭০০০০০০৬১৭	চিত্ৰা দাস	১৩.৫০
২৭০	৪৫৩৯৭৭০০০০০০৬৫১	প্ৰিয়া শৰ্মা	১৩.৪০
২৭১	৪৫৩৯৭৭০০০০০০৬৮৪	দীপিকা কলিতা	৯.৮৬
২৭২	৪৫৩৯৭৭০০০০০০৭১৮	লখিমী দাস	১০.০৬
২৭৩	৪৫৩৯৭৭০০০০০০৭৫২	বৰ্ণালী দাস	১৯.৫৬
২৭৪	৪৫৩৯৭৭০০০০০০৭৮৫	সুমিত্ৰা দাস	১১.৭৩
জানা স্মল ফাইনেন্স বেংক লিমিটেড, প্ৰথম মহলা, চাৰ্ভে নং ১০৬, মাৰ্কেট ৰোড, কামৰূপ, অসম-৭৮১৩৪৫, অসম
স্থান: অসম	স্বাক্ষৰিত: কৰ্তৃত্বশীল বিষয়া
তাৰিখ: ২৭-০৯-২০২৫	জানা স্মল ফাইনেন্স বেংক লিমিটেড
